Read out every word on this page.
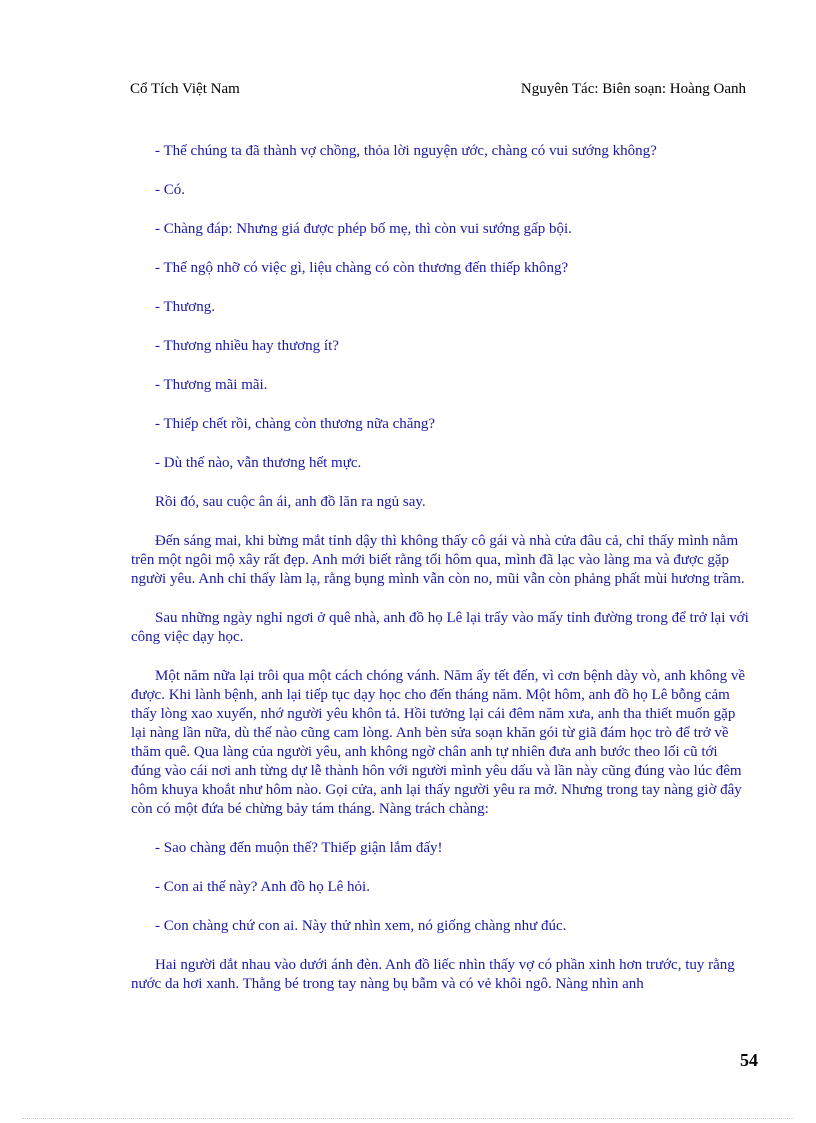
Cổ Tích Việt Nam	Nguyên Tác: Biên soạn: Hoàng Oanh
- Thế chúng ta đã thành vợ chồng, thỏa lời nguyện ước, chàng có vui sướng không?
- Có.
- Chàng đáp: Nhưng giá được phép bố mẹ, thì còn vui sướng gấp bội.
- Thế ngộ nhỡ có việc gì, liệu chàng có còn thương đến thiếp không?
- Thương.
- Thương nhiều hay thương ít?
- Thương mãi mãi.
- Thiếp chết rồi, chàng còn thương nữa chăng?
- Dù thế nào, vẫn thương hết mực.
Rồi đó, sau cuộc ân ái, anh đồ lăn ra ngủ say.
Đến sáng mai, khi bừng mắt tỉnh dậy thì không thấy cô gái và nhà cửa đâu cả, chỉ thấy mình nằm trên một ngôi mộ xây rất đẹp. Anh mới biết rằng tối hôm qua, mình đã lạc vào làng ma và được gặp người yêu. Anh chỉ thấy làm lạ, rằng bụng mình vẫn còn no, mũi vẫn còn phảng phất mùi hương trầm.
Sau những ngày nghỉ ngơi ở quê nhà, anh đồ họ Lê lại trẩy vào mấy tỉnh đường trong để trở lại với công việc dạy học.
Một năm nữa lại trôi qua một cách chóng vánh. Năm ấy tết đến, vì cơn bệnh dày vò, anh không về được. Khi lành bệnh, anh lại tiếp tục dạy học cho đến tháng năm. Một hôm, anh đồ họ Lê bỗng cảm thấy lòng xao xuyến, nhớ người yêu khôn tả. Hồi tưởng lại cái đêm năm xưa, anh tha thiết muốn gặp lại nàng lần nữa, dù thế nào cũng cam lòng. Anh bèn sửa soạn khăn gói từ giã đám học trò để trở về thăm quê. Qua làng của người yêu, anh không ngờ chân anh tự nhiên đưa anh bước theo lối cũ tới đúng vào cái nơi anh từng dự lễ thành hôn với người mình yêu dấu và lần này cũng đúng vào lúc đêm hôm khuya khoắt như hôm nào. Gọi cửa, anh lại thấy người yêu ra mở. Nhưng trong tay nàng giờ đây còn có một đứa bé chừng bảy tám tháng. Nàng trách chàng:
- Sao chàng đến muộn thế? Thiếp giận lắm đấy!
- Con ai thế này? Anh đồ họ Lê hỏi.
- Con chàng chứ con ai. Này thử nhìn xem, nó giống chàng như đúc.
Hai người dắt nhau vào dưới ánh đèn. Anh đồ liếc nhìn thấy vợ có phần xinh hơn trước, tuy rằng nước da hơi xanh. Thằng bé trong tay nàng bụ bẫm và có vẻ khôi ngô. Nàng nhìn anh
54
